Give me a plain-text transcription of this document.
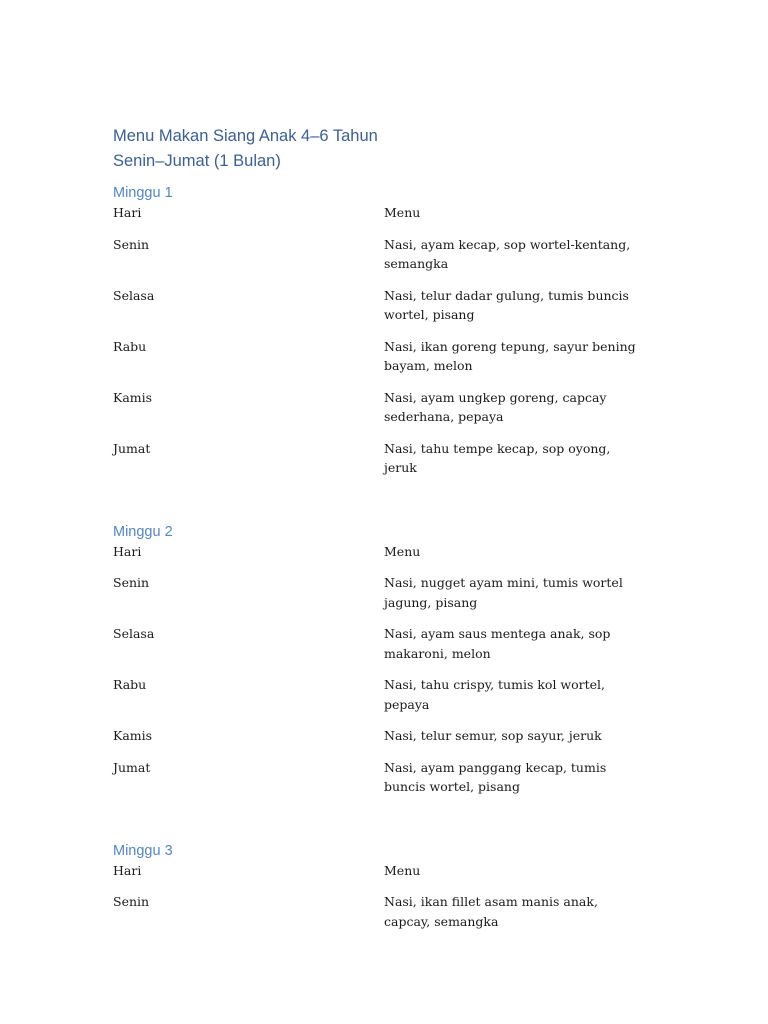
Menu Makan Siang Anak 4–6 Tahun
Senin–Jumat (1 Bulan)
Minggu 1
Hari	Menu
Senin	Nasi, ayam kecap, sop wortel-kentang, semangka
Selasa	Nasi, telur dadar gulung, tumis buncis wortel, pisang
Rabu	Nasi, ikan goreng tepung, sayur bening bayam, melon
Kamis	Nasi, ayam ungkep goreng, capcay sederhana, pepaya
Jumat	Nasi, tahu tempe kecap, sop oyong, jeruk
Minggu 2
Hari	Menu
Senin	Nasi, nugget ayam mini, tumis wortel jagung, pisang
Selasa	Nasi, ayam saus mentega anak, sop makaroni, melon
Rabu	Nasi, tahu crispy, tumis kol wortel, pepaya
Kamis	Nasi, telur semur, sop sayur, jeruk
Jumat	Nasi, ayam panggang kecap, tumis buncis wortel, pisang
Minggu 3
Hari	Menu
Senin	Nasi, ikan fillet asam manis anak, capcay, semangka
